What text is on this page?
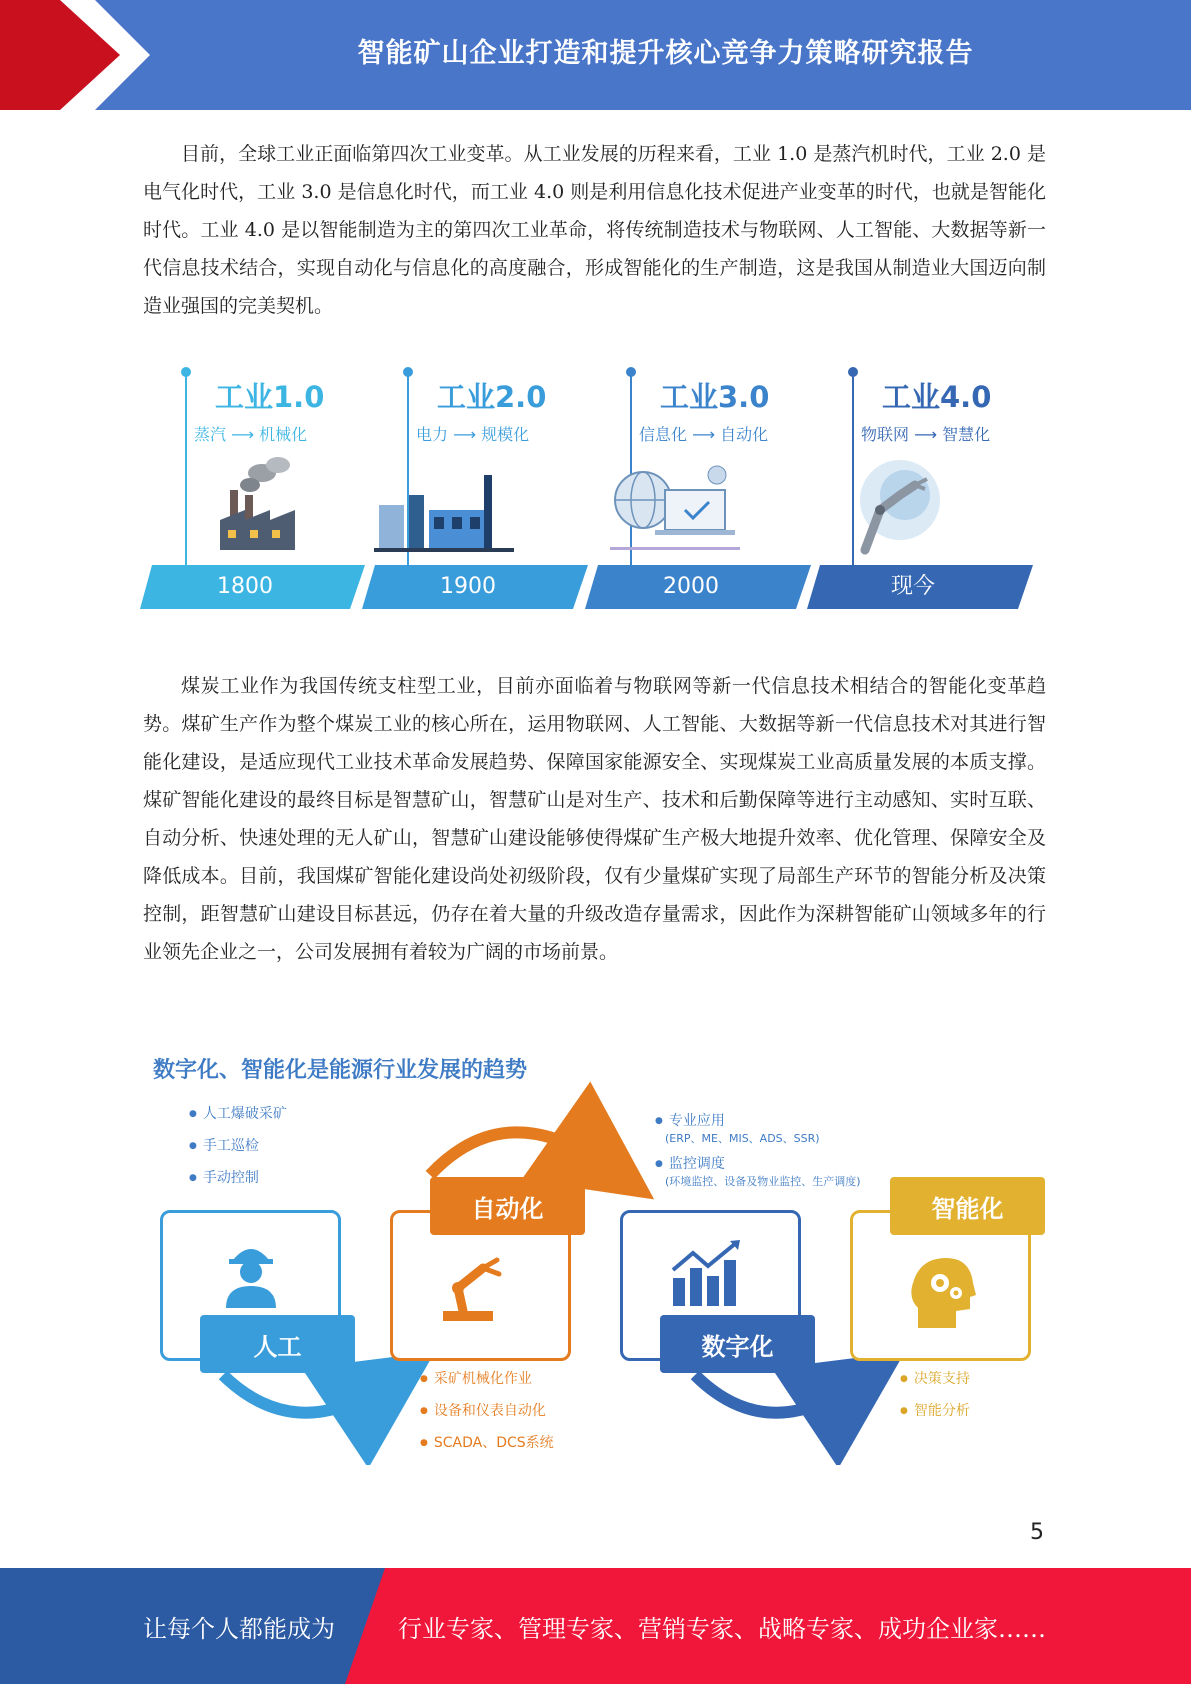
智能矿山企业打造和提升核心竞争力策略研究报告

目前，全球工业正面临第四次工业变革。从工业发展的历程来看，工业 1.0 是蒸汽机时代，工业 2.0 是电气化时代，工业 3.0 是信息化时代，而工业 4.0 则是利用信息化技术促进产业变革的时代，也就是智能化时代。工业 4.0 是以智能制造为主的第四次工业革命，将传统制造技术与物联网、人工智能、大数据等新一代信息技术结合，实现自动化与信息化的高度融合，形成智能化的生产制造，这是我国从制造业大国迈向制造业强国的完美契机。

工业1.0
蒸汽 ⟶ 机械化
工业2.0
电力 ⟶ 规模化
工业3.0
信息化 ⟶ 自动化
工业4.0
物联网 ⟶ 智慧化
1800	1900	2000	现今

煤炭工业作为我国传统支柱型工业，目前亦面临着与物联网等新一代信息技术相结合的智能化变革趋势。煤矿生产作为整个煤炭工业的核心所在，运用物联网、人工智能、大数据等新一代信息技术对其进行智能化建设，是适应现代工业技术革命发展趋势、保障国家能源安全、实现煤炭工业高质量发展的本质支撑。煤矿智能化建设的最终目标是智慧矿山，智慧矿山是对生产、技术和后勤保障等进行主动感知、实时互联、自动分析、快速处理的无人矿山，智慧矿山建设能够使得煤矿生产极大地提升效率、优化管理、保障安全及降低成本。目前，我国煤矿智能化建设尚处初级阶段，仅有少量煤矿实现了局部生产环节的智能分析及决策控制，距智慧矿山建设目标甚远，仍存在着大量的升级改造存量需求，因此作为深耕智能矿山领域多年的行业领先企业之一，公司发展拥有着较为广阔的市场前景。

数字化、智能化是能源行业发展的趋势
● 人工爆破采矿
● 手工巡检
● 手动控制
● 专业应用
(ERP、ME、MIS、ADS、SSR)
● 监控调度
(环境监控、设备及物业监控、生产调度)
人工
自动化
数字化
智能化
● 采矿机械化作业
● 设备和仪表自动化
● SCADA、DCS系统
● 决策支持
● 智能分析
5
让每个人都能成为	行业专家、管理专家、营销专家、战略专家、成功企业家……
